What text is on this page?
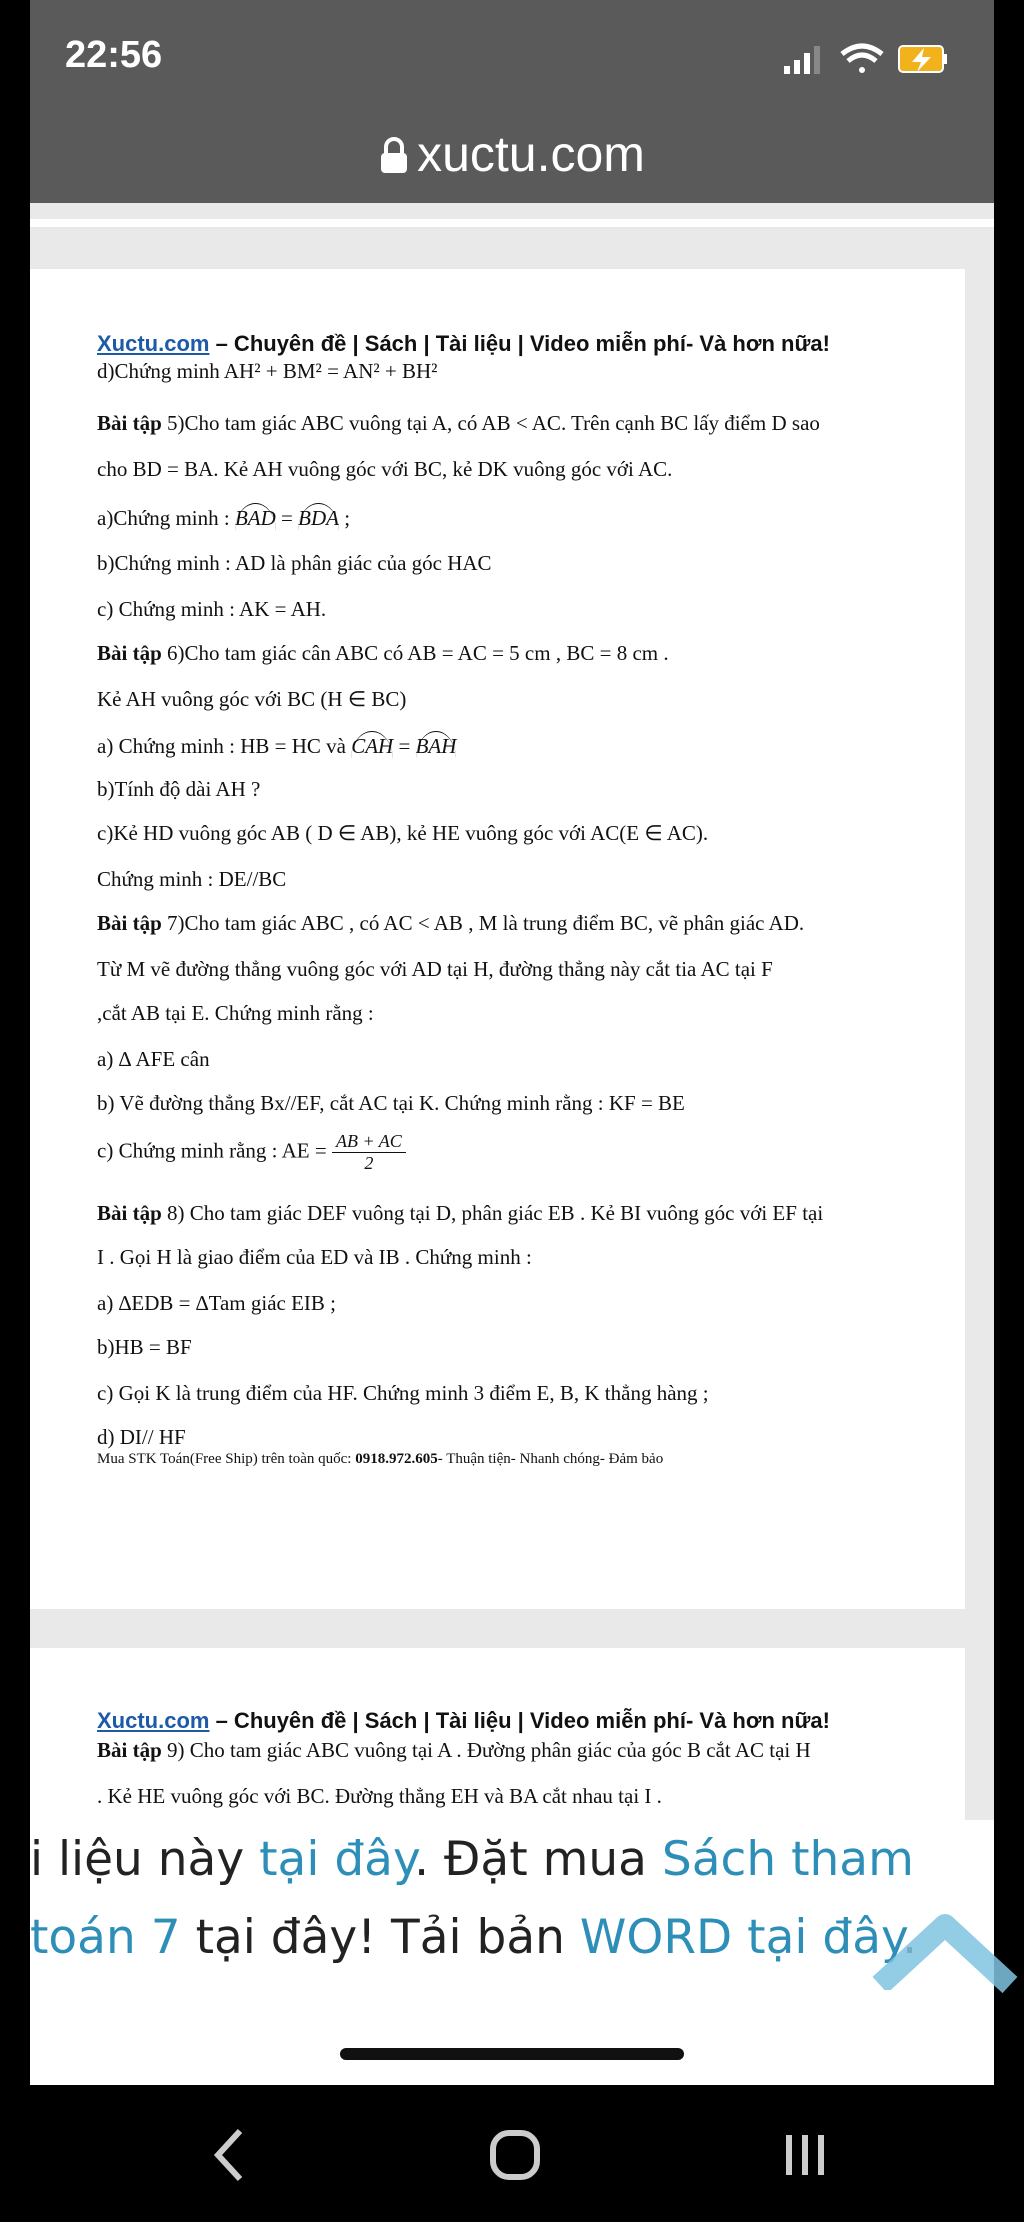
22:56
xuctu.com
Xuctu.com – Chuyên đề | Sách | Tài liệu | Video miễn phí- Và hơn nữa!
d)Chứng minh AH² + BM² = AN² + BH²
Bài tập 5)Cho tam giác ABC vuông tại A, có AB < AC. Trên cạnh BC lấy điểm D sao
cho BD = BA. Kẻ AH vuông góc với BC, kẻ DK vuông góc với AC.
a)Chứng minh : BAD = BDA ;
b)Chứng minh : AD là phân giác của góc HAC
c) Chứng minh : AK = AH.
Bài tập 6)Cho tam giác cân ABC có AB = AC = 5 cm , BC = 8 cm .
Kẻ AH vuông góc với BC (H ∈ BC)
a) Chứng minh : HB = HC và CAH = BAH
b)Tính độ dài AH ?
c)Kẻ HD vuông góc AB ( D ∈ AB), kẻ HE vuông góc với AC(E ∈ AC).
Chứng minh : DE//BC
Bài tập 7)Cho tam giác ABC , có AC < AB , M là trung điểm BC, vẽ phân giác AD.
Từ M vẽ đường thẳng vuông góc với AD tại H, đường thẳng này cắt tia AC tại F
,cắt AB tại E. Chứng minh rằng :
a) ∆ AFE cân
b) Vẽ đường thẳng Bx//EF, cắt AC tại K. Chứng minh rằng : KF = BE
c) Chứng minh rằng : AE = $\frac{AB + AC}{2}$
Bài tập 8) Cho tam giác DEF vuông tại D, phân giác EB . Kẻ BI vuông góc với EF tại
I . Gọi H là giao điểm của ED và IB . Chứng minh :
a) ∆EDB = ∆Tam giác EIB ;
b)HB = BF
c) Gọi K là trung điểm của HF. Chứng minh 3 điểm E, B, K thẳng hàng ;
d) DI// HF
Mua STK Toán(Free Ship) trên toàn quốc: 0918.972.605- Thuận tiện- Nhanh chóng- Đảm bảo
Xuctu.com – Chuyên đề | Sách | Tài liệu | Video miễn phí- Và hơn nữa!
Bài tập 9) Cho tam giác ABC vuông tại A . Đường phân giác của góc B cắt AC tại H
. Kẻ HE vuông góc với BC. Đường thẳng EH và BA cắt nhau tại I .
i liệu này tại đây. Đặt mua Sách tham
toán 7 tại đây! Tải bản WORD tại đây.
